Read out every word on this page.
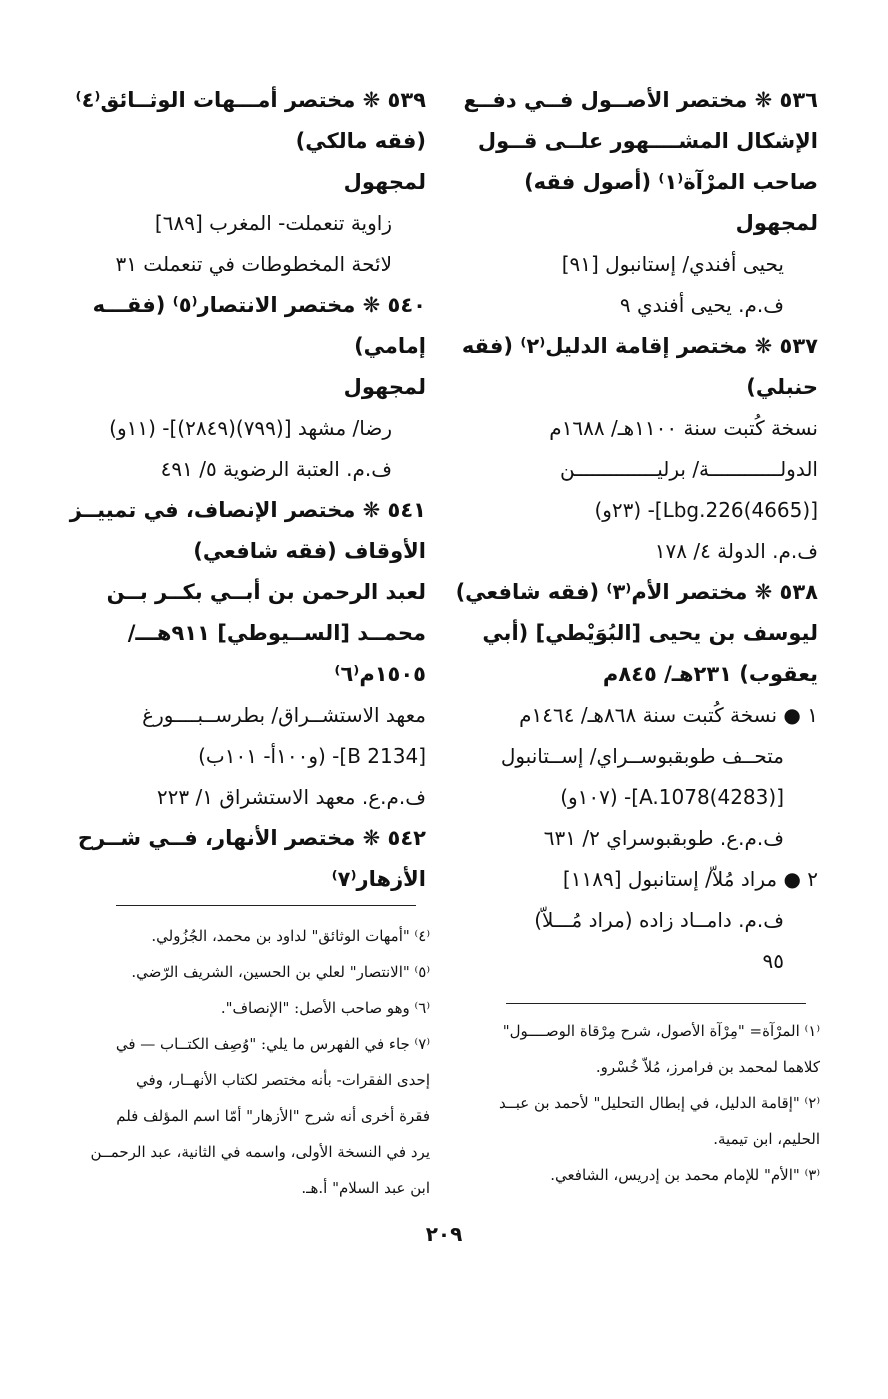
٥٣٦ ❋ مختصر الأصــول فــي دفــع
الإشكال المشــــهور علــى قــول
صاحب المرْآة⁽١⁾ (أصول فقه)
لمجهول
يحيى أفندي/ إستانبول [٩١]
ف.م. يحيى أفندي ٩
٥٣٧ ❋ مختصر إقامة الدليل⁽٢⁾ (فقه
حنبلي)
نسخة كُتبت سنة ١١٠٠هـ/ ١٦٨٨م
الدولــــــــــــة/ برليــــــــــــــن
[(4665)Lbg.226]- (٢٣و)
ف.م. الدولة ٤/ ١٧٨
٥٣٨ ❋ مختصر الأم⁽٣⁾ (فقه شافعي)
ليوسف بن يحيى [البُوَيْطي] (أبي
يعقوب) ٢٣١هـ/ ٨٤٥م
١ ● نسخة كُتبت سنة ٨٦٨هـ/ ١٤٦٤م
متحــف طوبقبوســراي/ إســتانبول
[(4283)A.1078]- (١٠٧و)
ف.م.ع. طوبقبوسراي ٢/ ٦٣١
٢ ● مراد مُلاّ/ إستانبول [١١٨٩]
ف.م. دامــاد زاده (مراد مُـــلاّ)
٩٥
٥٣٩ ❋ مختصر أمـــهات الوثــائق⁽٤⁾
(فقه مالكي)
لمجهول
زاوية تنعملت- المغرب [٦٨٩]
لائحة المخطوطات في تنعملت ٣١
٥٤٠ ❋ مختصر الانتصار⁽٥⁾ (فقـــه
إمامي)
لمجهول
رضا/ مشهد [(٧٩٩)(٢٨٤٩)]- (١١و)
ف.م. العتبة الرضوية ٥/ ٤٩١
٥٤١ ❋ مختصر الإنصاف، في تمييــز
الأوقاف (فقه شافعي)
لعبد الرحمن بن أبــي بكــر بــن
محمــد [الســيوطي] ٩١١هـــ/
١٥٠٥م⁽٦⁾
معهد الاستشــراق/ بطرســبــــورغ
[B 2134]- (و١٠٠أ- ١٠١ب)
ف.م.ع. معهد الاستشراق ١/ ٢٢٣
٥٤٢ ❋ مختصر الأنهار، فــي شــرح
الأزهار⁽٧⁾
⁽٤⁾ "أمهات الوثائق" لداود بن محمد، الجُزُولي.
⁽٥⁾ "الانتصار" لعلي بن الحسين، الشريف الرّضي.
⁽٦⁾ وهو صاحب الأصل: "الإنصاف".
⁽٧⁾ جاء في الفهرس ما يلي: "وُصِف الكتــاب — في
إحدى الفقرات- بأنه مختصر لكتاب الأنهــار، وفي
فقرة أخرى أنه شرح "الأزهار" أمّا اسم المؤلف فلم
يرد في النسخة الأولى، واسمه في الثانية، عبد الرحمــن
ابن عبد السلام" أ.هـ.
⁽١⁾ المرْآة= "مِرْآة الأصول، شرح مِرْقاة الوصــــول"
كلاهما لمحمد بن فرامرز، مُلاّ خُسْرو.
⁽٢⁾ "إقامة الدليل، في إبطال التحليل" لأحمد بن عبــد
الحليم، ابن تيمية.
⁽٣⁾ "الأم" للإمام محمد بن إدريس، الشافعي.
٢٠٩
